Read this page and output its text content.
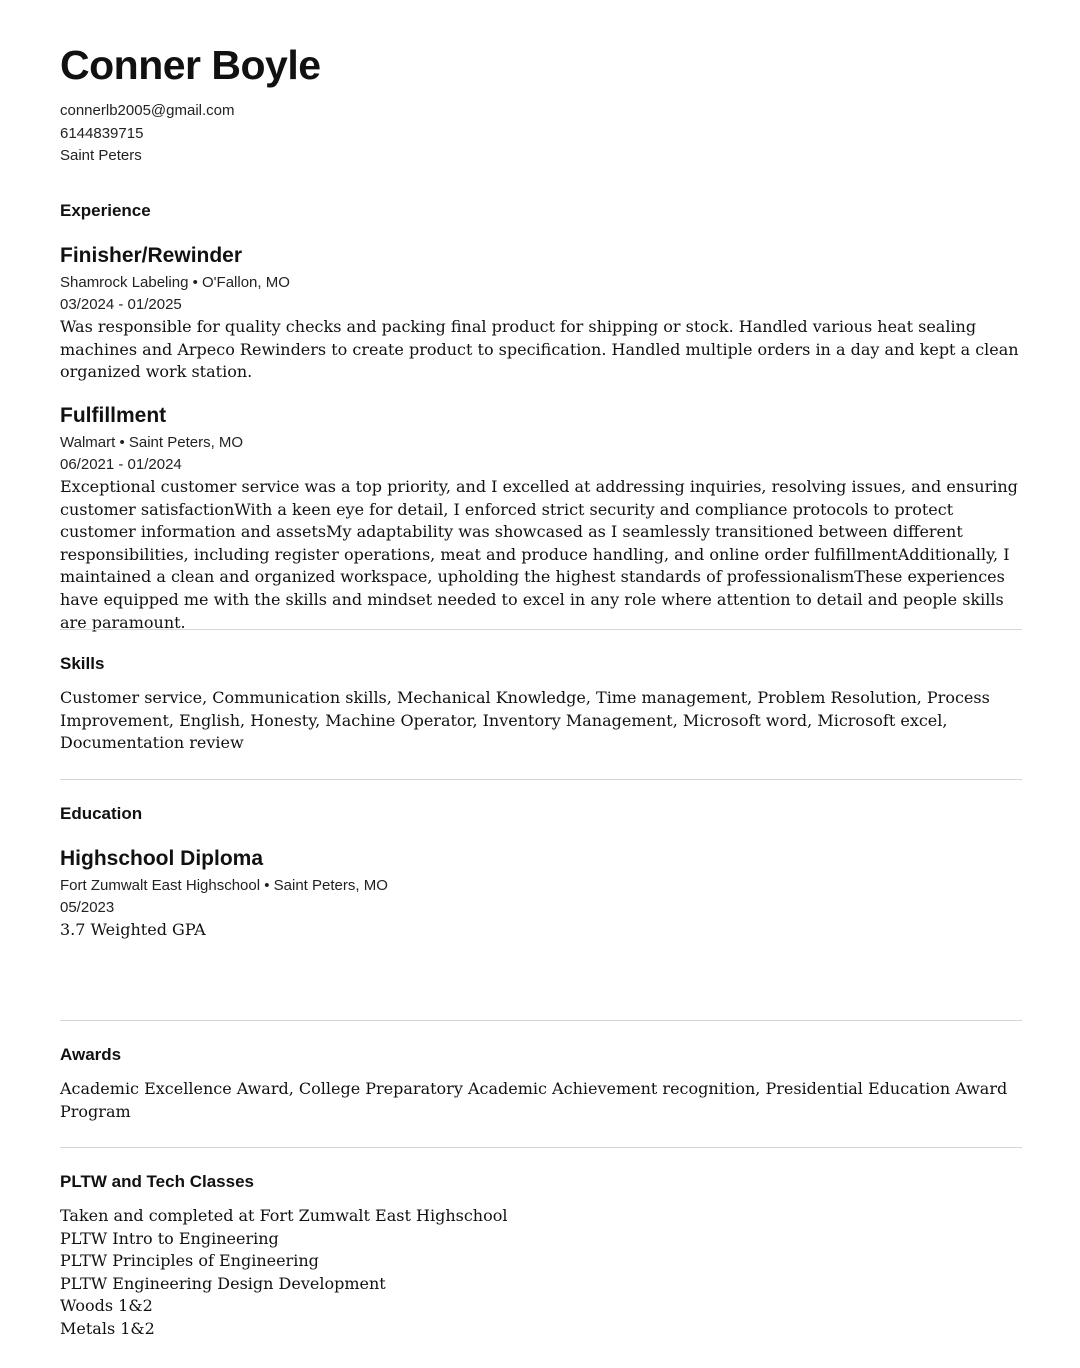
Conner Boyle
connerlb2005@gmail.com
6144839715
Saint Peters
Experience
Finisher/Rewinder
Shamrock Labeling • O'Fallon, MO
03/2024 - 01/2025

Was responsible for quality checks and packing final product for shipping or stock. Handled various heat sealing machines and Arpeco Rewinders to create product to specification. Handled multiple orders in a day and kept a clean organized work station.

Fulfillment
Walmart • Saint Peters, MO
06/2021 - 01/2024

Exceptional customer service was a top priority, and I excelled at addressing inquiries, resolving issues, and ensuring customer satisfactionWith a keen eye for detail, I enforced strict security and compliance protocols to protect customer information and assetsMy adaptability was showcased as I seamlessly transitioned between different responsibilities, including register operations, meat and produce handling, and online order fulfillmentAdditionally, I maintained a clean and organized workspace, upholding the highest standards of professionalismThese experiences have equipped me with the skills and mindset needed to excel in any role where attention to detail and people skills are paramount.

Skills

Customer service, Communication skills, Mechanical Knowledge, Time management, Problem Resolution, Process Improvement, English, Honesty, Machine Operator, Inventory Management, Microsoft word, Microsoft excel, Documentation review

Education
Highschool Diploma
Fort Zumwalt East Highschool • Saint Peters, MO
05/2023

3.7 Weighted GPA

Awards

Academic Excellence Award, College Preparatory Academic Achievement recognition, Presidential Education Award Program

PLTW and Tech Classes
Taken and completed at Fort Zumwalt East Highschool
PLTW Intro to Engineering
PLTW Principles of Engineering
PLTW Engineering Design Development
Woods 1&2
Metals 1&2
